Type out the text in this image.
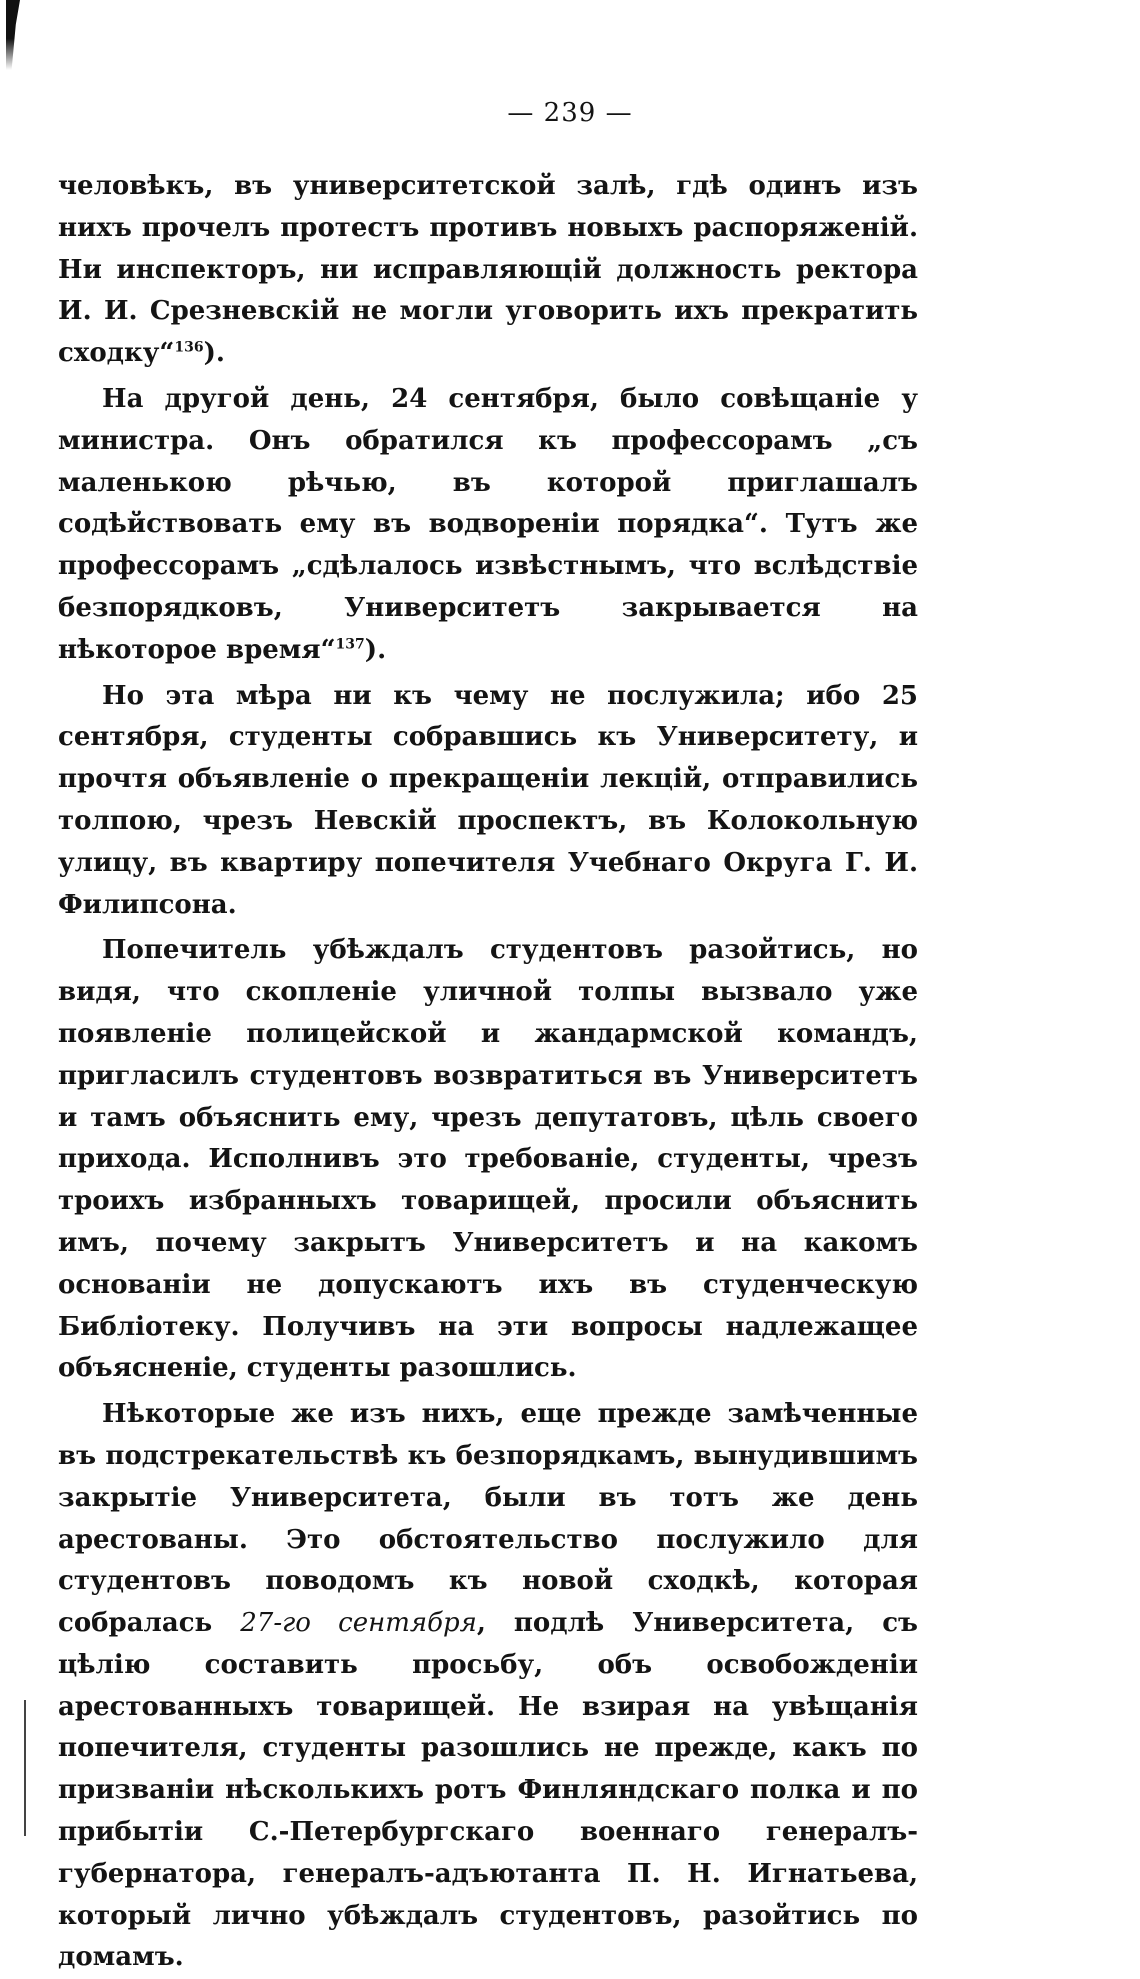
— 239 —

человѣкъ, въ университетской залѣ, гдѣ одинъ изъ нихъ прочелъ протестъ противъ новыхъ распоряженій. Ни инспекторъ, ни исправляющій должность ректора И. И. Срезневскій не могли уговорить ихъ прекратить сходку“$^{136}$).

На другой день, 24 сентября, было совѣщаніе у министра. Онъ обратился къ профессорамъ „съ маленькою рѣчью, въ которой приглашалъ содѣйствовать ему въ водвореніи порядка“. Тутъ же профессорамъ „сдѣлалось извѣстнымъ, что вслѣдствіе безпорядковъ, Университетъ закрывается на нѣкоторое время“$^{137}$).

Но эта мѣра ни къ чему не послужила; ибо 25 сентября, студенты собравшись къ Университету, и прочтя объявленіе о прекращеніи лекцій, отправились толпою, чрезъ Невскій проспектъ, въ Колокольную улицу, въ квартиру попечителя Учебнаго Округа Г. И. Филипсона.

Попечитель убѣждалъ студентовъ разойтись, но видя, что скопленіе уличной толпы вызвало уже появленіе полицейской и жандармской командъ, пригласилъ студентовъ возвратиться въ Университетъ и тамъ объяснить ему, чрезъ депутатовъ, цѣль своего прихода. Исполнивъ это требованіе, студенты, чрезъ троихъ избранныхъ товарищей, просили объяснить имъ, почему закрытъ Университетъ и на какомъ основаніи не допускаютъ ихъ въ студенческую Библіотеку. Получивъ на эти вопросы надлежащее объясненіе, студенты разошлись.

Нѣкоторые же изъ нихъ, еще прежде замѣченные въ подстрекательствѣ къ безпорядкамъ, вынудившимъ закрытіе Университета, были въ тотъ же день арестованы. Это обстоятельство послужило для студентовъ поводомъ къ новой сходкѣ, которая собралась 27-го сентября, подлѣ Университета, съ цѣлію составить просьбу, объ освобожденіи арестованныхъ товарищей. Не взирая на увѣщанія попечителя, студенты разошлись не прежде, какъ по призваніи нѣсколькихъ ротъ Финляндскаго полка и по прибытіи С.-Петербургскаго военнаго генералъ-губернатора, генералъ-адъютанта П. Н. Игнатьева, который лично убѣждалъ студентовъ, разойтись по домамъ.
